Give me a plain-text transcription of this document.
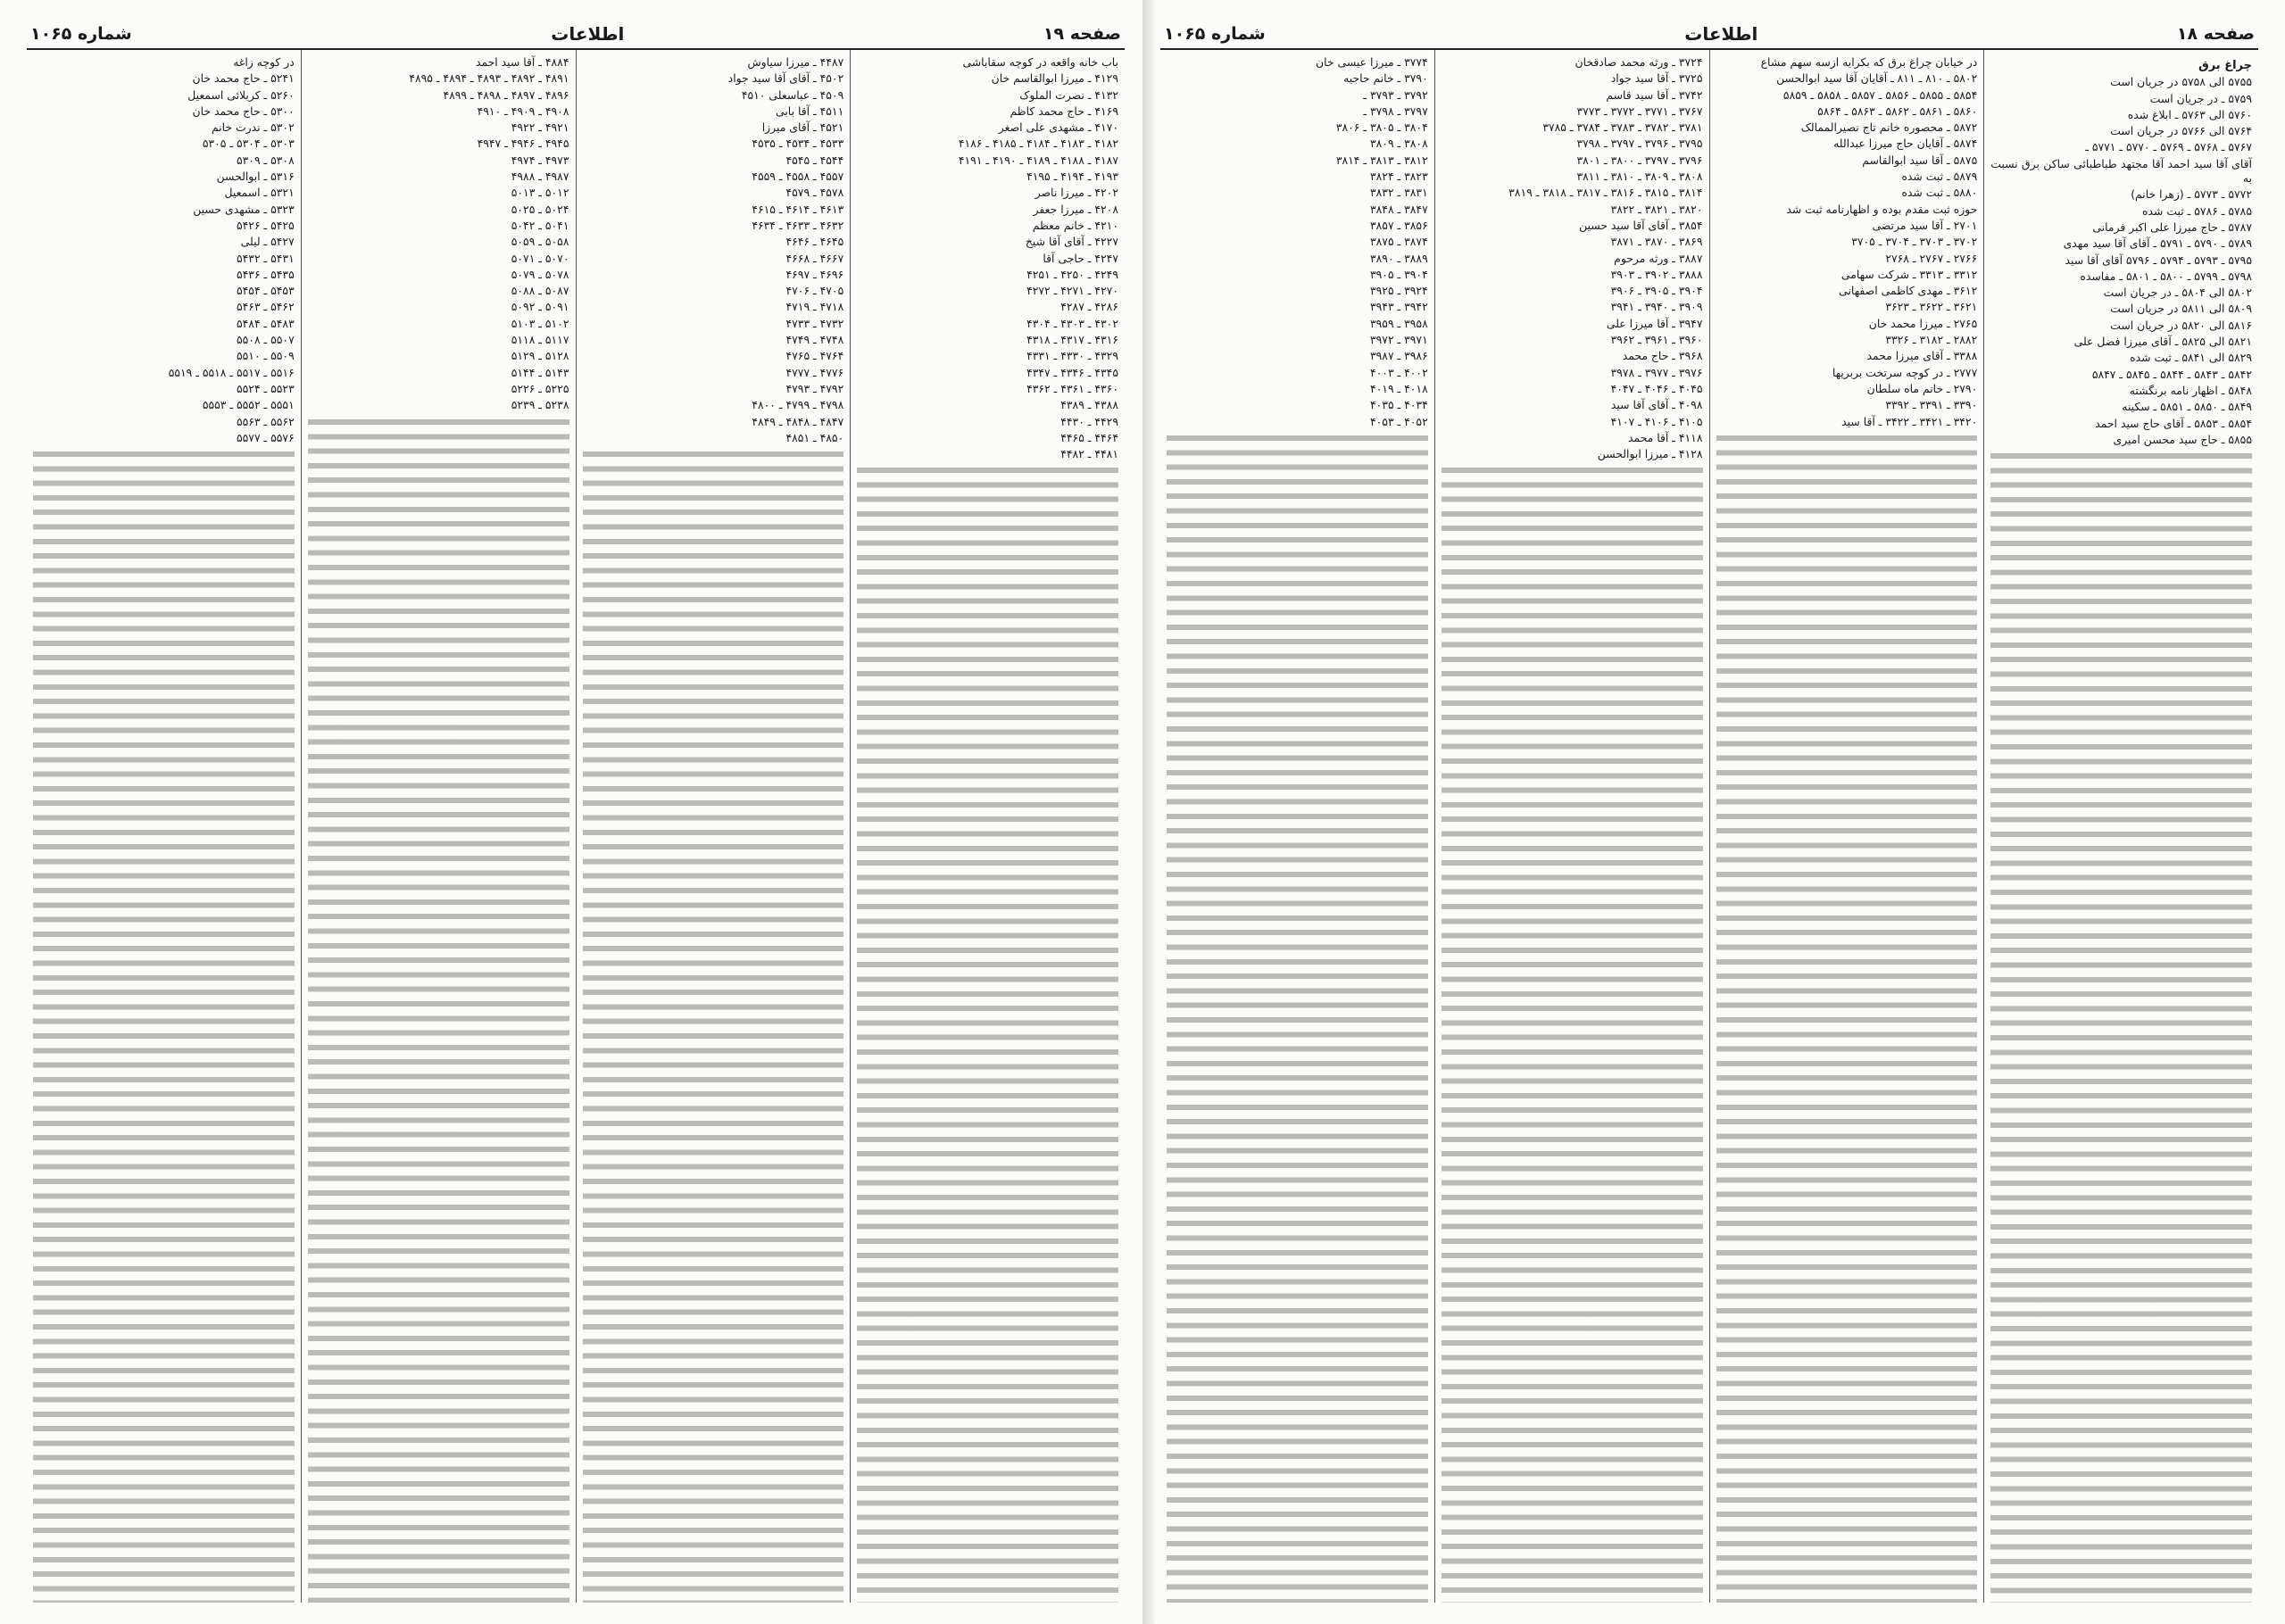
صفحه ۱۸
اطلاعات
شماره ۱۰۶۵
چراغ برق

۵۷۵۵ الی ۵۷۵۸ در جریان است

۵۷۵۹ ـ در جریان است

۵۷۶۰ الی ۵۷۶۳ ـ ابلاغ شده

۵۷۶۴ الی ۵۷۶۶ در جریان است

۵۷۶۷ ـ ۵۷۶۸ ـ ۵۷۶۹ ـ ۵۷۷۰ ـ ۵۷۷۱ ـ

آقای آقا سید احمد آقا مجتهد طباطبائی ساکن برق نسبت به

۵۷۷۲ ـ ۵۷۷۳ ـ (زهرا خانم)

۵۷۸۵ ـ ۵۷۸۶ ـ ثبت شده

۵۷۸۷ ـ حاج میرزا علی اکبر فرمانی

۵۷۸۹ ـ ۵۷۹۰ ـ ۵۷۹۱ ـ آقای آقا سید مهدی

۵۷۹۵ ـ ۵۷۹۳ ـ ۵۷۹۴ ـ ۵۷۹۶ آقای آقا سید

۵۷۹۸ ـ ۵۷۹۹ ـ ۵۸۰۰ ـ ۵۸۰۱ ـ مفاسده

۵۸۰۲ الی ۵۸۰۴ ـ در جریان است

۵۸۰۹ الی ۵۸۱۱ در جریان است

۵۸۱۶ الی ۵۸۲۰ در جریان است

۵۸۲۱ الی ۵۸۲۵ ـ آقای میرزا فضل علی

۵۸۲۹ الی ۵۸۴۱ ـ ثبت شده

۵۸۴۲ ـ ۵۸۴۳ ـ ۵۸۴۴ ـ ۵۸۴۵ ـ ۵۸۴۷

۵۸۴۸ ـ اظهار نامه برنگشته

۵۸۴۹ ـ ۵۸۵۰ ـ ۵۸۵۱ ـ سکینه

۵۸۵۴ ـ ۵۸۵۳ ـ آقای حاج سید احمد

۵۸۵۵ ـ حاج سید محسن امیری

در خیابان چراغ برق که بکرایه ازسه سهم مشاع

۵۸۰۲ ـ ۸۱۰ ـ ۸۱۱ ـ آقایان آقا سید ابوالحسن

۵۸۵۴ ـ ۵۸۵۵ ـ ۵۸۵۶ ـ ۵۸۵۷ ـ ۵۸۵۸ ـ ۵۸۵۹

۵۸۶۰ ـ ۵۸۶۱ ـ ۵۸۶۲ ـ ۵۸۶۳ ـ ۵۸۶۴

۵۸۷۲ ـ محصوره خانم تاج نصیرالممالک

۵۸۷۴ ـ آقایان حاج میرزا عبدالله

۵۸۷۵ ـ آقا سید ابوالقاسم

۵۸۷۹ ـ ثبت شده

۵۸۸۰ ـ ثبت شده

حوزه ثبت مقدم بوده و اظهارنامه ثبت شد

۲۷۰۱ ـ آقا سید مرتضی

۳۷۰۲ ـ ۳۷۰۳ ـ ۳۷۰۴ ـ ۳۷۰۵

۲۷۶۶ ـ ۲۷۶۷ ـ ۲۷۶۸

۳۳۱۲ ـ ۳۳۱۳ ـ شرکت سهامی

۳۶۱۲ ـ مهدی کاظمی اصفهانی

۳۶۲۱ ـ ۳۶۲۲ ـ ۳۶۲۳

۲۷۶۵ ـ میرزا محمد خان

۲۸۸۲ ـ ۳۱۸۲ ـ ۳۳۲۶

۳۳۸۸ ـ آقای میرزا محمد

۲۷۷۷ ـ در کوچه سرتخت بربریها

۲۷۹۰ ـ خانم ماه سلطان

۳۳۹۰ ـ ۳۳۹۱ ـ ۳۳۹۲

۳۴۲۰ ـ ۳۴۲۱ ـ ۳۴۲۲ ـ آقا سید

۳۷۲۴ ـ ورثه محمد صادقخان

۳۷۲۵ ـ آقا سید جواد

۳۷۴۲ ـ آقا سید قاسم

۳۷۶۷ ـ ۳۷۷۱ ـ ۳۷۷۲ ـ ۳۷۷۳

۳۷۸۱ ـ ۳۷۸۲ ـ ۳۷۸۳ ـ ۳۷۸۴ ـ ۳۷۸۵

۳۷۹۵ ـ ۳۷۹۶ ـ ۳۷۹۷ ـ ۳۷۹۸

۳۷۹۶ ـ ۳۷۹۷ ـ ۳۸۰۰ ـ ۳۸۰۱

۳۸۰۸ ـ ۳۸۰۹ ـ ۳۸۱۰ ـ ۳۸۱۱

۳۸۱۴ ـ ۳۸۱۵ ـ ۳۸۱۶ ـ ۳۸۱۷ ـ ۳۸۱۸ ـ ۳۸۱۹

۳۸۲۰ ـ ۳۸۲۱ ـ ۳۸۲۲

۳۸۵۴ ـ آقای آقا سید حسین

۳۸۶۹ ـ ۳۸۷۰ ـ ۳۸۷۱

۳۸۸۷ ـ ورثه مرحوم

۳۸۸۸ ـ ۳۹۰۲ ـ ۳۹۰۳

۳۹۰۴ ـ ۳۹۰۵ ـ ۳۹۰۶

۳۹۰۹ ـ ۳۹۴۰ ـ ۳۹۴۱

۳۹۴۷ ـ آقا میرزا علی

۳۹۶۰ ـ ۳۹۶۱ ـ ۳۹۶۲

۳۹۶۸ ـ حاج محمد

۳۹۷۶ ـ ۳۹۷۷ ـ ۳۹۷۸

۴۰۴۵ ـ ۴۰۴۶ ـ ۴۰۴۷

۴۰۹۸ ـ آقای آقا سید

۴۱۰۵ ـ ۴۱۰۶ ـ ۴۱۰۷

۴۱۱۸ ـ آقا محمد

۴۱۲۸ ـ میرزا ابوالحسن

۳۷۷۴ ـ میرزا عیسی خان

۳۷۹۰ ـ خانم حاجیه

۳۷۹۲ ـ ۳۷۹۳ ـ

۳۷۹۷ ـ ۳۷۹۸ ـ

۳۸۰۴ ـ ۳۸۰۵ ـ ۳۸۰۶

۳۸۰۸ ـ ۳۸۰۹

۳۸۱۲ ـ ۳۸۱۳ ـ ۳۸۱۴

۳۸۲۳ ـ ۳۸۲۴

۳۸۳۱ ـ ۳۸۳۲

۳۸۴۷ ـ ۳۸۴۸

۳۸۵۶ ـ ۳۸۵۷

۳۸۷۴ ـ ۳۸۷۵

۳۸۸۹ ـ ۳۸۹۰

۳۹۰۴ ـ ۳۹۰۵

۳۹۲۴ ـ ۳۹۲۵

۳۹۴۲ ـ ۳۹۴۳

۳۹۵۸ ـ ۳۹۵۹

۳۹۷۱ ـ ۳۹۷۲

۳۹۸۶ ـ ۳۹۸۷

۴۰۰۲ ـ ۴۰۰۳

۴۰۱۸ ـ ۴۰۱۹

۴۰۳۴ ـ ۴۰۳۵

۴۰۵۲ ـ ۴۰۵۳

صفحه ۱۹
اطلاعات
شماره ۱۰۶۵

باب خانه واقعه در کوچه سقاباشی

۴۱۲۹ ـ میرزا ابوالقاسم خان

۴۱۳۲ ـ نصرت الملوک

۴۱۶۹ ـ حاج محمد کاظم

۴۱۷۰ ـ مشهدی علی اصغر

۴۱۸۲ ـ ۴۱۸۳ ـ ۴۱۸۴ ـ ۴۱۸۵ ـ ۴۱۸۶

۴۱۸۷ ـ ۴۱۸۸ ـ ۴۱۸۹ ـ ۴۱۹۰ ـ ۴۱۹۱

۴۱۹۳ ـ ۴۱۹۴ ـ ۴۱۹۵

۴۲۰۲ ـ میرزا ناصر

۴۲۰۸ ـ میرزا جعفر

۴۲۱۰ ـ خانم معظم

۴۲۲۷ ـ آقای آقا شیخ

۴۲۴۷ ـ حاجی آقا

۴۲۴۹ ـ ۴۲۵۰ ـ ۴۲۵۱

۴۲۷۰ ـ ۴۲۷۱ ـ ۴۲۷۲

۴۲۸۶ ـ ۴۲۸۷

۴۳۰۲ ـ ۴۳۰۳ ـ ۴۳۰۴

۴۳۱۶ ـ ۴۳۱۷ ـ ۴۳۱۸

۴۳۲۹ ـ ۴۳۳۰ ـ ۴۳۳۱

۴۳۴۵ ـ ۴۳۴۶ ـ ۴۳۴۷

۴۳۶۰ ـ ۴۳۶۱ ـ ۴۳۶۲

۴۳۸۸ ـ ۴۳۸۹

۴۴۲۹ ـ ۴۴۳۰

۴۴۶۴ ـ ۴۴۶۵

۴۴۸۱ ـ ۴۴۸۲

۴۴۸۷ ـ میرزا سیاوش

۴۵۰۲ ـ آقای آقا سید جواد

۴۵۰۹ ـ عباسعلی ۴۵۱۰

۴۵۱۱ ـ آقا بابی

۴۵۲۱ ـ آقای میرزا

۴۵۳۳ ـ ۴۵۳۴ ـ ۴۵۳۵

۴۵۴۴ ـ ۴۵۴۵

۴۵۵۷ ـ ۴۵۵۸ ـ ۴۵۵۹

۴۵۷۸ ـ ۴۵۷۹

۴۶۱۳ ـ ۴۶۱۴ ـ ۴۶۱۵

۴۶۳۲ ـ ۴۶۳۳ ـ ۴۶۳۴

۴۶۴۵ ـ ۴۶۴۶

۴۶۶۷ ـ ۴۶۶۸

۴۶۹۶ ـ ۴۶۹۷

۴۷۰۵ ـ ۴۷۰۶

۴۷۱۸ ـ ۴۷۱۹

۴۷۳۲ ـ ۴۷۳۳

۴۷۴۸ ـ ۴۷۴۹

۴۷۶۴ ـ ۴۷۶۵

۴۷۷۶ ـ ۴۷۷۷

۴۷۹۲ ـ ۴۷۹۳

۴۷۹۸ ـ ۴۷۹۹ ـ ۴۸۰۰

۴۸۴۷ ـ ۴۸۴۸ ـ ۴۸۴۹

۴۸۵۰ ـ ۴۸۵۱

۴۸۸۴ ـ آقا سید احمد

۴۸۹۱ ـ ۴۸۹۲ ـ ۴۸۹۳ ـ ۴۸۹۴ ـ ۴۸۹۵

۴۸۹۶ ـ ۴۸۹۷ ـ ۴۸۹۸ ـ ۴۸۹۹

۴۹۰۸ ـ ۴۹۰۹ ـ ۴۹۱۰

۴۹۲۱ ـ ۴۹۲۲

۴۹۴۵ ـ ۴۹۴۶ ـ ۴۹۴۷

۴۹۷۳ ـ ۴۹۷۴

۴۹۸۷ ـ ۴۹۸۸

۵۰۱۲ ـ ۵۰۱۳

۵۰۲۴ ـ ۵۰۲۵

۵۰۴۱ ـ ۵۰۴۲

۵۰۵۸ ـ ۵۰۵۹

۵۰۷۰ ـ ۵۰۷۱

۵۰۷۸ ـ ۵۰۷۹

۵۰۸۷ ـ ۵۰۸۸

۵۰۹۱ ـ ۵۰۹۲

۵۱۰۲ ـ ۵۱۰۳

۵۱۱۷ ـ ۵۱۱۸

۵۱۲۸ ـ ۵۱۲۹

۵۱۴۳ ـ ۵۱۴۴

۵۲۲۵ ـ ۵۲۲۶

۵۲۳۸ ـ ۵۲۳۹

در کوچه زاغه

۵۲۴۱ ـ حاج محمد خان

۵۲۶۰ ـ کربلائی اسمعیل

۵۳۰۰ ـ حاج محمد خان

۵۳۰۲ ـ ندرت خانم

۵۳۰۳ ـ ۵۳۰۴ ـ ۵۳۰۵

۵۳۰۸ ـ ۵۳۰۹

۵۳۱۶ ـ ابوالحسن

۵۳۲۱ ـ اسمعیل

۵۳۲۳ ـ مشهدی حسین

۵۴۲۵ ـ ۵۴۲۶

۵۴۲۷ ـ لیلی

۵۴۳۱ ـ ۵۴۳۲

۵۴۳۵ ـ ۵۴۳۶

۵۴۵۳ ـ ۵۴۵۴

۵۴۶۲ ـ ۵۴۶۳

۵۴۸۳ ـ ۵۴۸۴

۵۵۰۷ ـ ۵۵۰۸

۵۵۰۹ ـ ۵۵۱۰

۵۵۱۶ ـ ۵۵۱۷ ـ ۵۵۱۸ ـ ۵۵۱۹

۵۵۲۳ ـ ۵۵۲۴

۵۵۵۱ ـ ۵۵۵۲ ـ ۵۵۵۳

۵۵۶۲ ـ ۵۵۶۳

۵۵۷۶ ـ ۵۵۷۷
